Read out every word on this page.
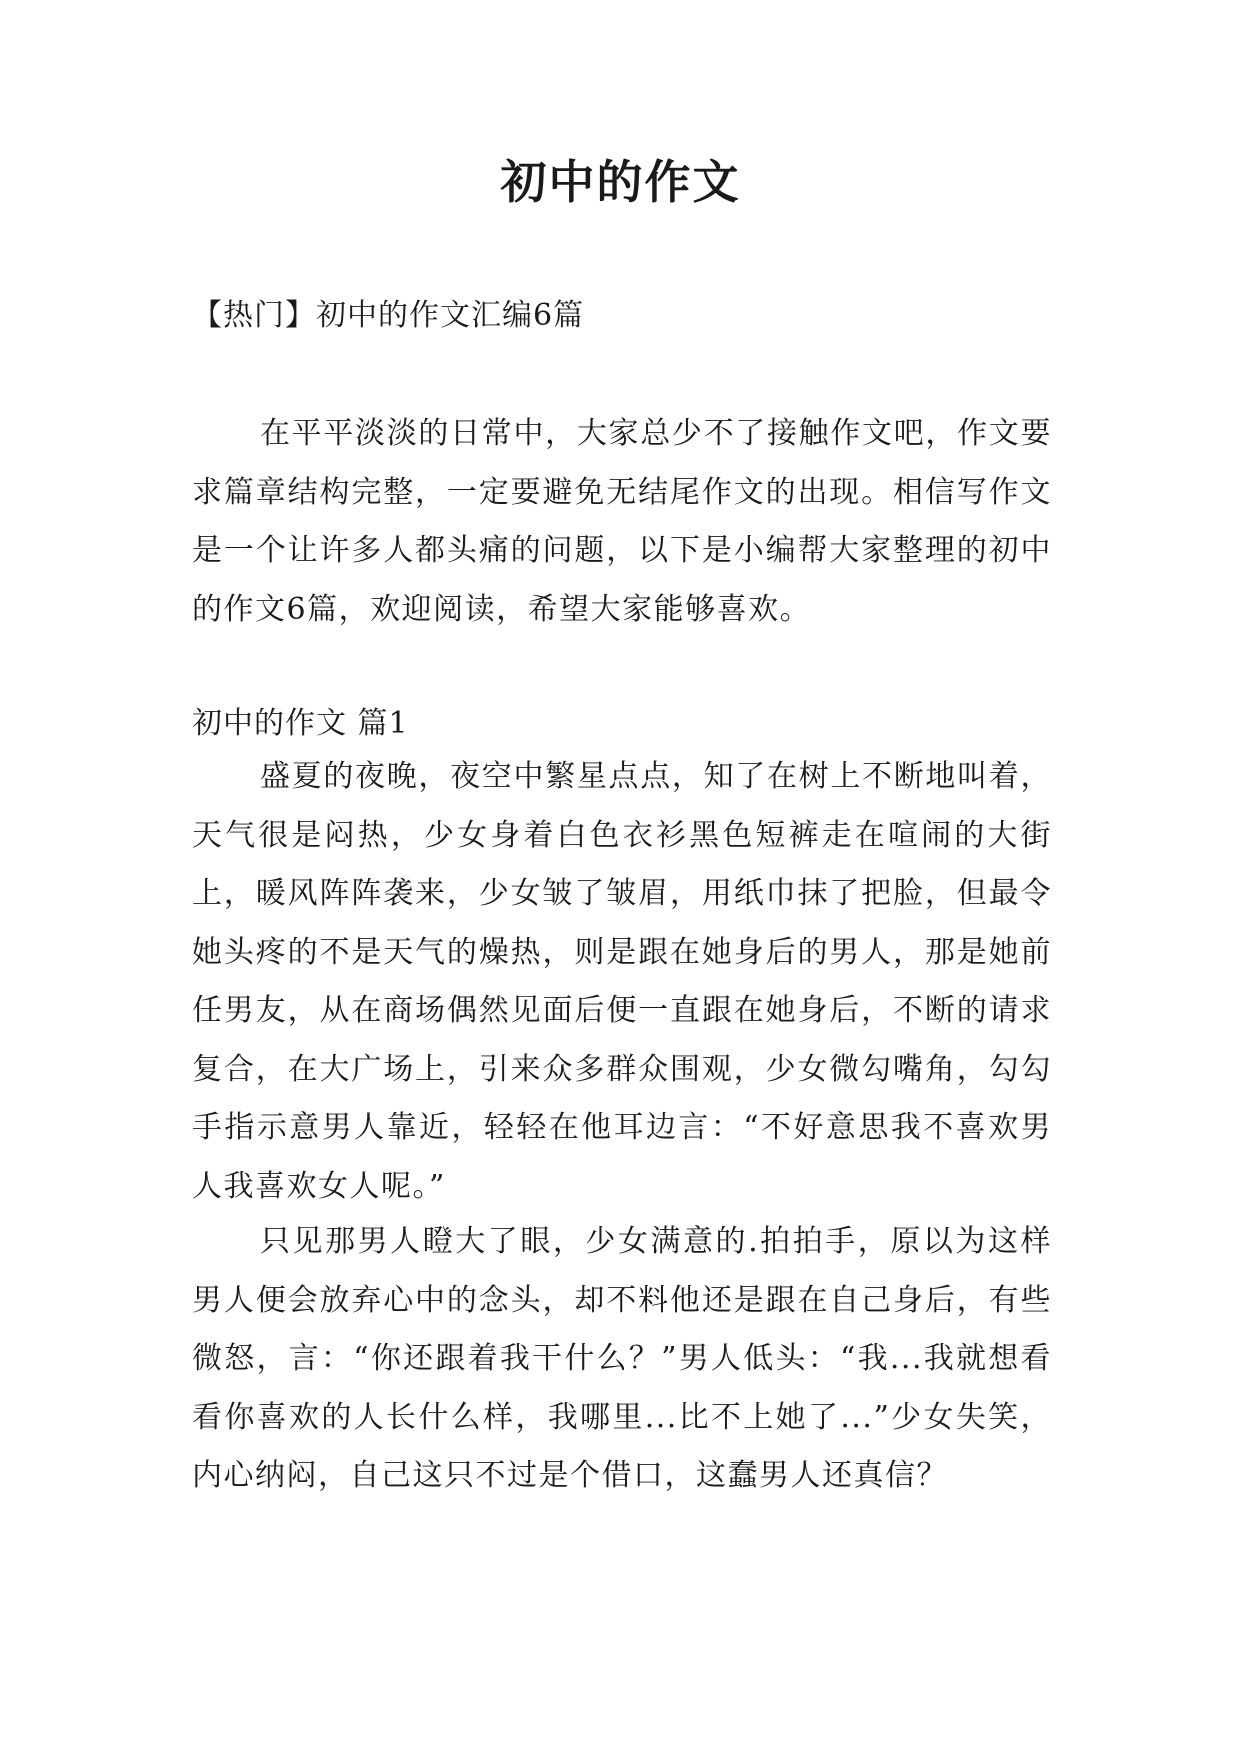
初中的作文

【热门】初中的作文汇编6篇

在平平淡淡的日常中，大家总少不了接触作文吧，作文要求篇章结构完整，一定要避免无结尾作文的出现。相信写作文是一个让许多人都头痛的问题，以下是小编帮大家整理的初中的作文6篇，欢迎阅读，希望大家能够喜欢。

初中的作文 篇1

盛夏的夜晚，夜空中繁星点点，知了在树上不断地叫着，天气很是闷热，少女身着白色衣衫黑色短裤走在喧闹的大街上，暖风阵阵袭来，少女皱了皱眉，用纸巾抹了把脸，但最令她头疼的不是天气的燥热，则是跟在她身后的男人，那是她前任男友，从在商场偶然见面后便一直跟在她身后，不断的请求复合，在大广场上，引来众多群众围观，少女微勾嘴角，勾勾手指示意男人靠近，轻轻在他耳边言：“不好意思我不喜欢男人我喜欢女人呢。”

只见那男人瞪大了眼，少女满意的.拍拍手，原以为这样男人便会放弃心中的念头，却不料他还是跟在自己身后，有些微怒，言：“你还跟着我干什么？”男人低头：“我...我就想看看你喜欢的人长什么样，我哪里...比不上她了...”少女失笑，内心纳闷，自己这只不过是个借口，这蠢男人还真信？
